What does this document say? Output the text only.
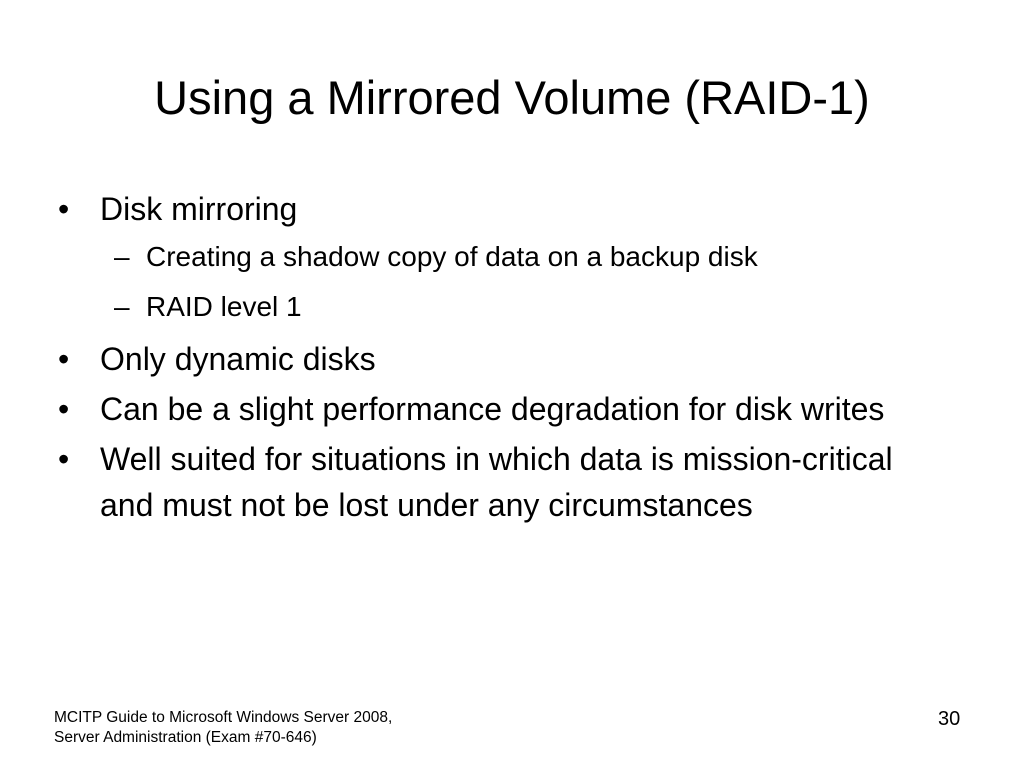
Using a Mirrored Volume (RAID-1)
• Disk mirroring
– Creating a shadow copy of data on a backup disk
– RAID level 1
• Only dynamic disks
• Can be a slight performance degradation for disk writes
• Well suited for situations in which data is mission-critical and must not be lost under any circumstances
MCITP Guide to Microsoft Windows Server 2008,
Server Administration (Exam #70-646)
30
